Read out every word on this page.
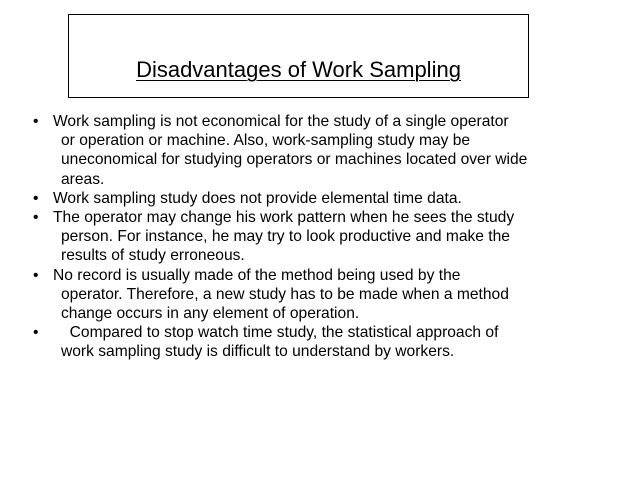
Disadvantages of Work Sampling
• Work sampling is not economical for the study of a single operator
or operation or machine. Also, work-sampling study may be
uneconomical for studying operators or machines located over wide
areas.
• Work sampling study does not provide elemental time data.
• The operator may change his work pattern when he sees the study
person. For instance, he may try to look productive and make the
results of study erroneous.
• No record is usually made of the method being used by the
operator. Therefore, a new study has to be made when a method
change occurs in any element of operation.
•	Compared to stop watch time study, the statistical approach of
work sampling study is difficult to understand by workers.
